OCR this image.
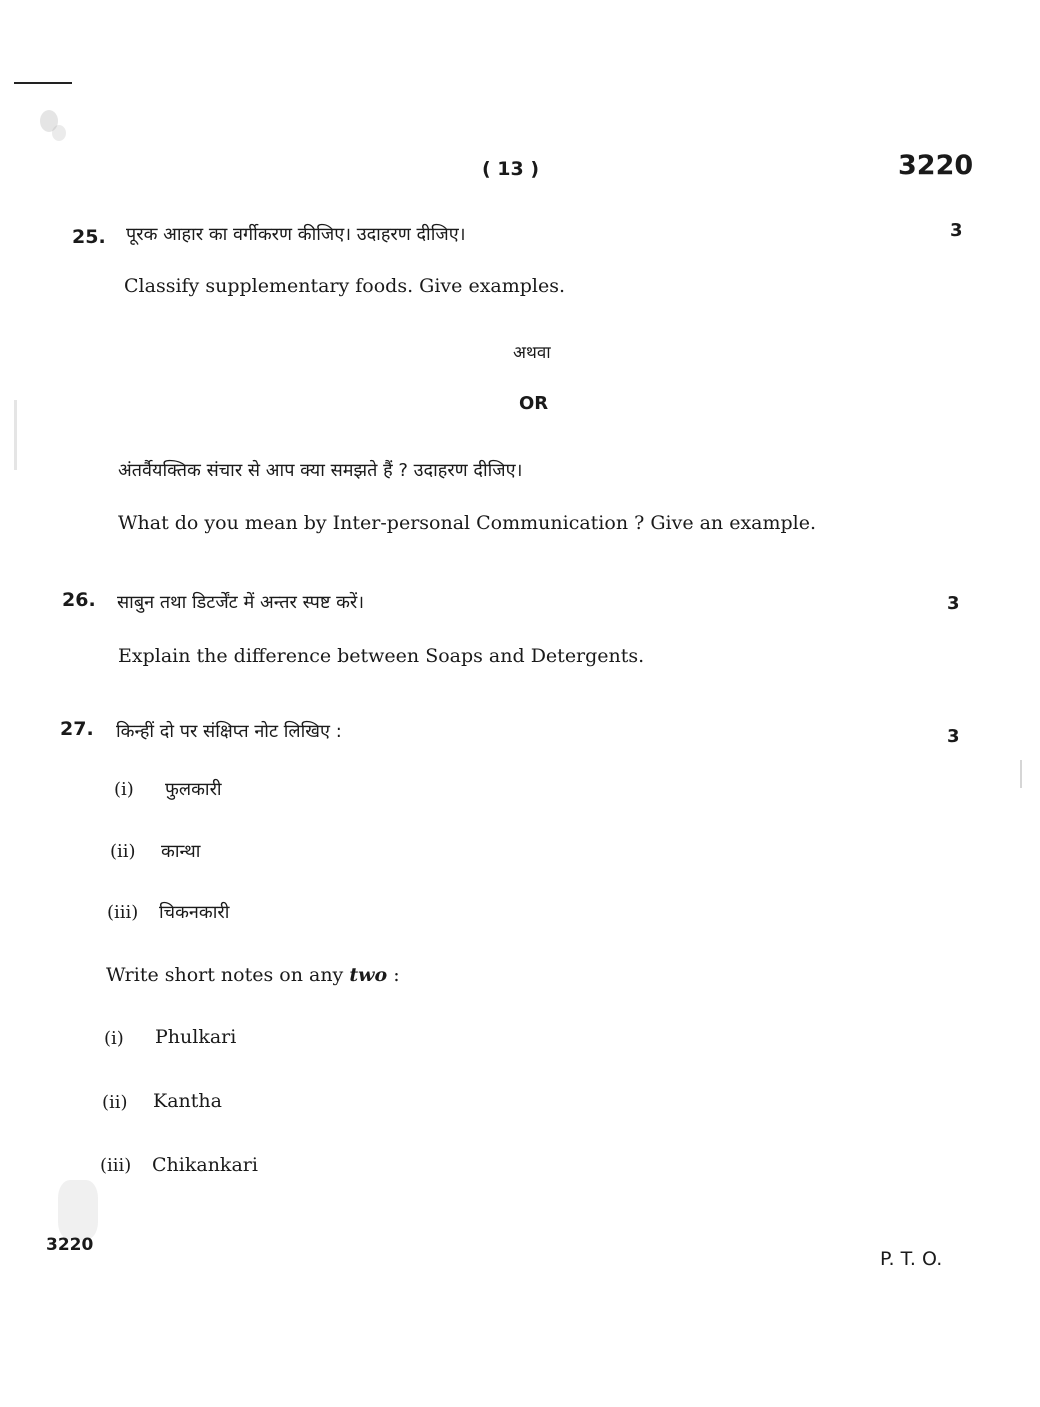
( 13 )	3220
25. पूरक आहार का वर्गीकरण कीजिए। उदाहरण दीजिए।	3
Classify supplementary foods. Give examples.
अथवा
OR
अंतर्वैयक्तिक संचार से आप क्या समझते हैं ? उदाहरण दीजिए।
What do you mean by Inter-personal Communication ? Give an example.
26. साबुन तथा डिटर्जेंट में अन्तर स्पष्ट करें।	3
Explain the difference between Soaps and Detergents.
27. किन्हीं दो पर संक्षिप्त नोट लिखिए :	3
(i) फुलकारी
(ii) कान्था
(iii) चिकनकारी
Write short notes on any two :
(i) Phulkari
(ii) Kantha
(iii) Chikankari
3220
P. T. O.
